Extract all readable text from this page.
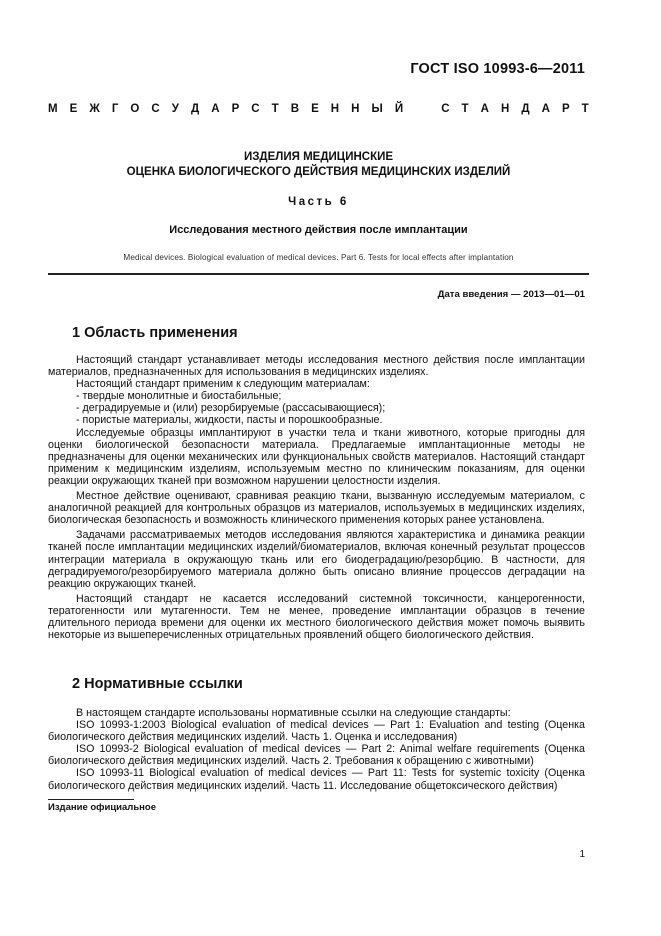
ГОСТ ISO 10993-6—2011
М Е Ж Г О С У Д А Р С Т В Е Н Н Ы Й	С Т А Н Д А Р Т
ИЗДЕЛИЯ МЕДИЦИНСКИЕ
ОЦЕНКА БИОЛОГИЧЕСКОГО ДЕЙСТВИЯ МЕДИЦИНСКИХ ИЗДЕЛИЙ
Часть 6
Исследования местного действия после имплантации
Medical devices. Biological evaluation of medical devices. Part 6. Tests for local effects after implantation
Дата введения — 2013—01—01
1 Область применения

Настоящий стандарт устанавливает методы исследования местного действия после имплантации материалов, предназначенных для использования в медицинских изделиях.

Настоящий стандарт применим к следующим материалам:

- твердые монолитные и биостабильные;

- деградируемые и (или) резорбируемые (рассасывающиеся);

- пористые материалы, жидкости, пасты и порошкообразные.

Исследуемые образцы имплантируют в участки тела и ткани животного, которые пригодны для оценки биологической безопасности материала. Предлагаемые имплантационные методы не предназначены для оценки механических или функциональных свойств материалов. Настоящий стандарт применим к медицинским изделиям, используемым местно по клиническим показаниям, для оценки реакции окружающих тканей при возможном нарушении целостности изделия.

Местное действие оценивают, сравнивая реакцию ткани, вызванную исследуемым материалом, с аналогичной реакцией для контрольных образцов из материалов, используемых в медицинских изделиях, биологическая безопасность и возможность клинического применения которых ранее установлена.

Задачами рассматриваемых методов исследования являются характеристика и динамика реакции тканей после имплантации медицинских изделий/биоматериалов, включая конечный результат процессов интеграции материала в окружающую ткань или его биодеградацию/резорбцию. В частности, для деградируемого/резорбируемого материала должно быть описано влияние процессов деградации на реакцию окружающих тканей.

Настоящий стандарт не касается исследований системной токсичности, канцерогенности, тератогенности или мутагенности. Тем не менее, проведение имплантации образцов в течение длительного периода времени для оценки их местного биологического действия может помочь выявить некоторые из вышеперечисленных отрицательных проявлений общего биологического действия.

2 Нормативные ссылки

В настоящем стандарте использованы нормативные ссылки на следующие стандарты:

ISO 10993-1:2003 Biological evaluation of medical devices — Part 1: Evaluation and testing (Оценка биологического действия медицинских изделий. Часть 1. Оценка и исследования)

ISO 10993-2 Biological evaluation of medical devices — Part 2: Animal welfare requirements (Оценка биологического действия медицинских изделий. Часть 2. Требования к обращению с животными)

ISO 10993-11 Biological evaluation of medical devices — Part 11: Tests for systemic toxicity (Оценка биологического действия медицинских изделий. Часть 11. Исследование общетоксического действия)

Издание официальное
1
